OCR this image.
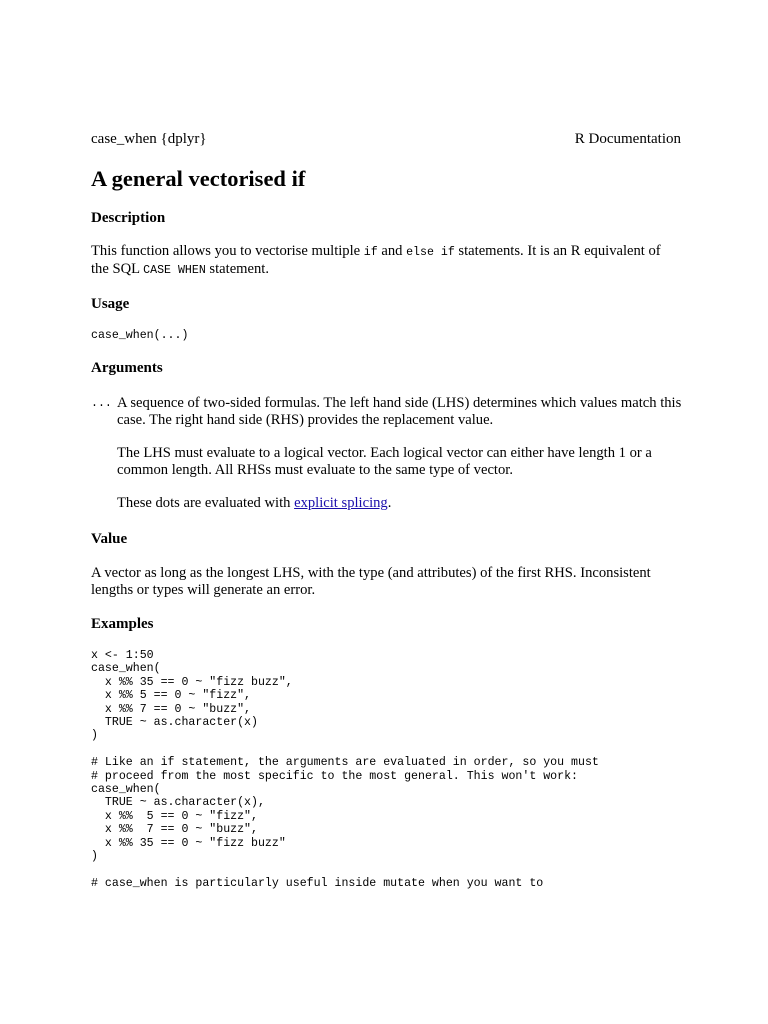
case_when {dplyr}	R Documentation
A general vectorised if
Description

This function allows you to vectorise multiple if and else if statements. It is an R equivalent of the SQL CASE WHEN statement.

Usage
case_when(...)
Arguments
... A sequence of two-sided formulas. The left hand side (LHS) determines which values match this case. The right hand side (RHS) provides the replacement value.

The LHS must evaluate to a logical vector. Each logical vector can either have length 1 or a common length. All RHSs must evaluate to the same type of vector.

These dots are evaluated with explicit splicing.

Value

A vector as long as the longest LHS, with the type (and attributes) of the first RHS. Inconsistent lengths or types will generate an error.

Examples
x <- 1:50
case_when(
x %% 35 == 0 ~ "fizz buzz",
x %% 5 == 0 ~ "fizz",
x %% 7 == 0 ~ "buzz",
TRUE ~ as.character(x)
)

# Like an if statement, the arguments are evaluated in order, so you must
# proceed from the most specific to the most general. This won't work:
case_when(
TRUE ~ as.character(x),
x %%  5 == 0 ~ "fizz",
x %%  7 == 0 ~ "buzz",
x %% 35 == 0 ~ "fizz buzz"
)

# case_when is particularly useful inside mutate when you want to
